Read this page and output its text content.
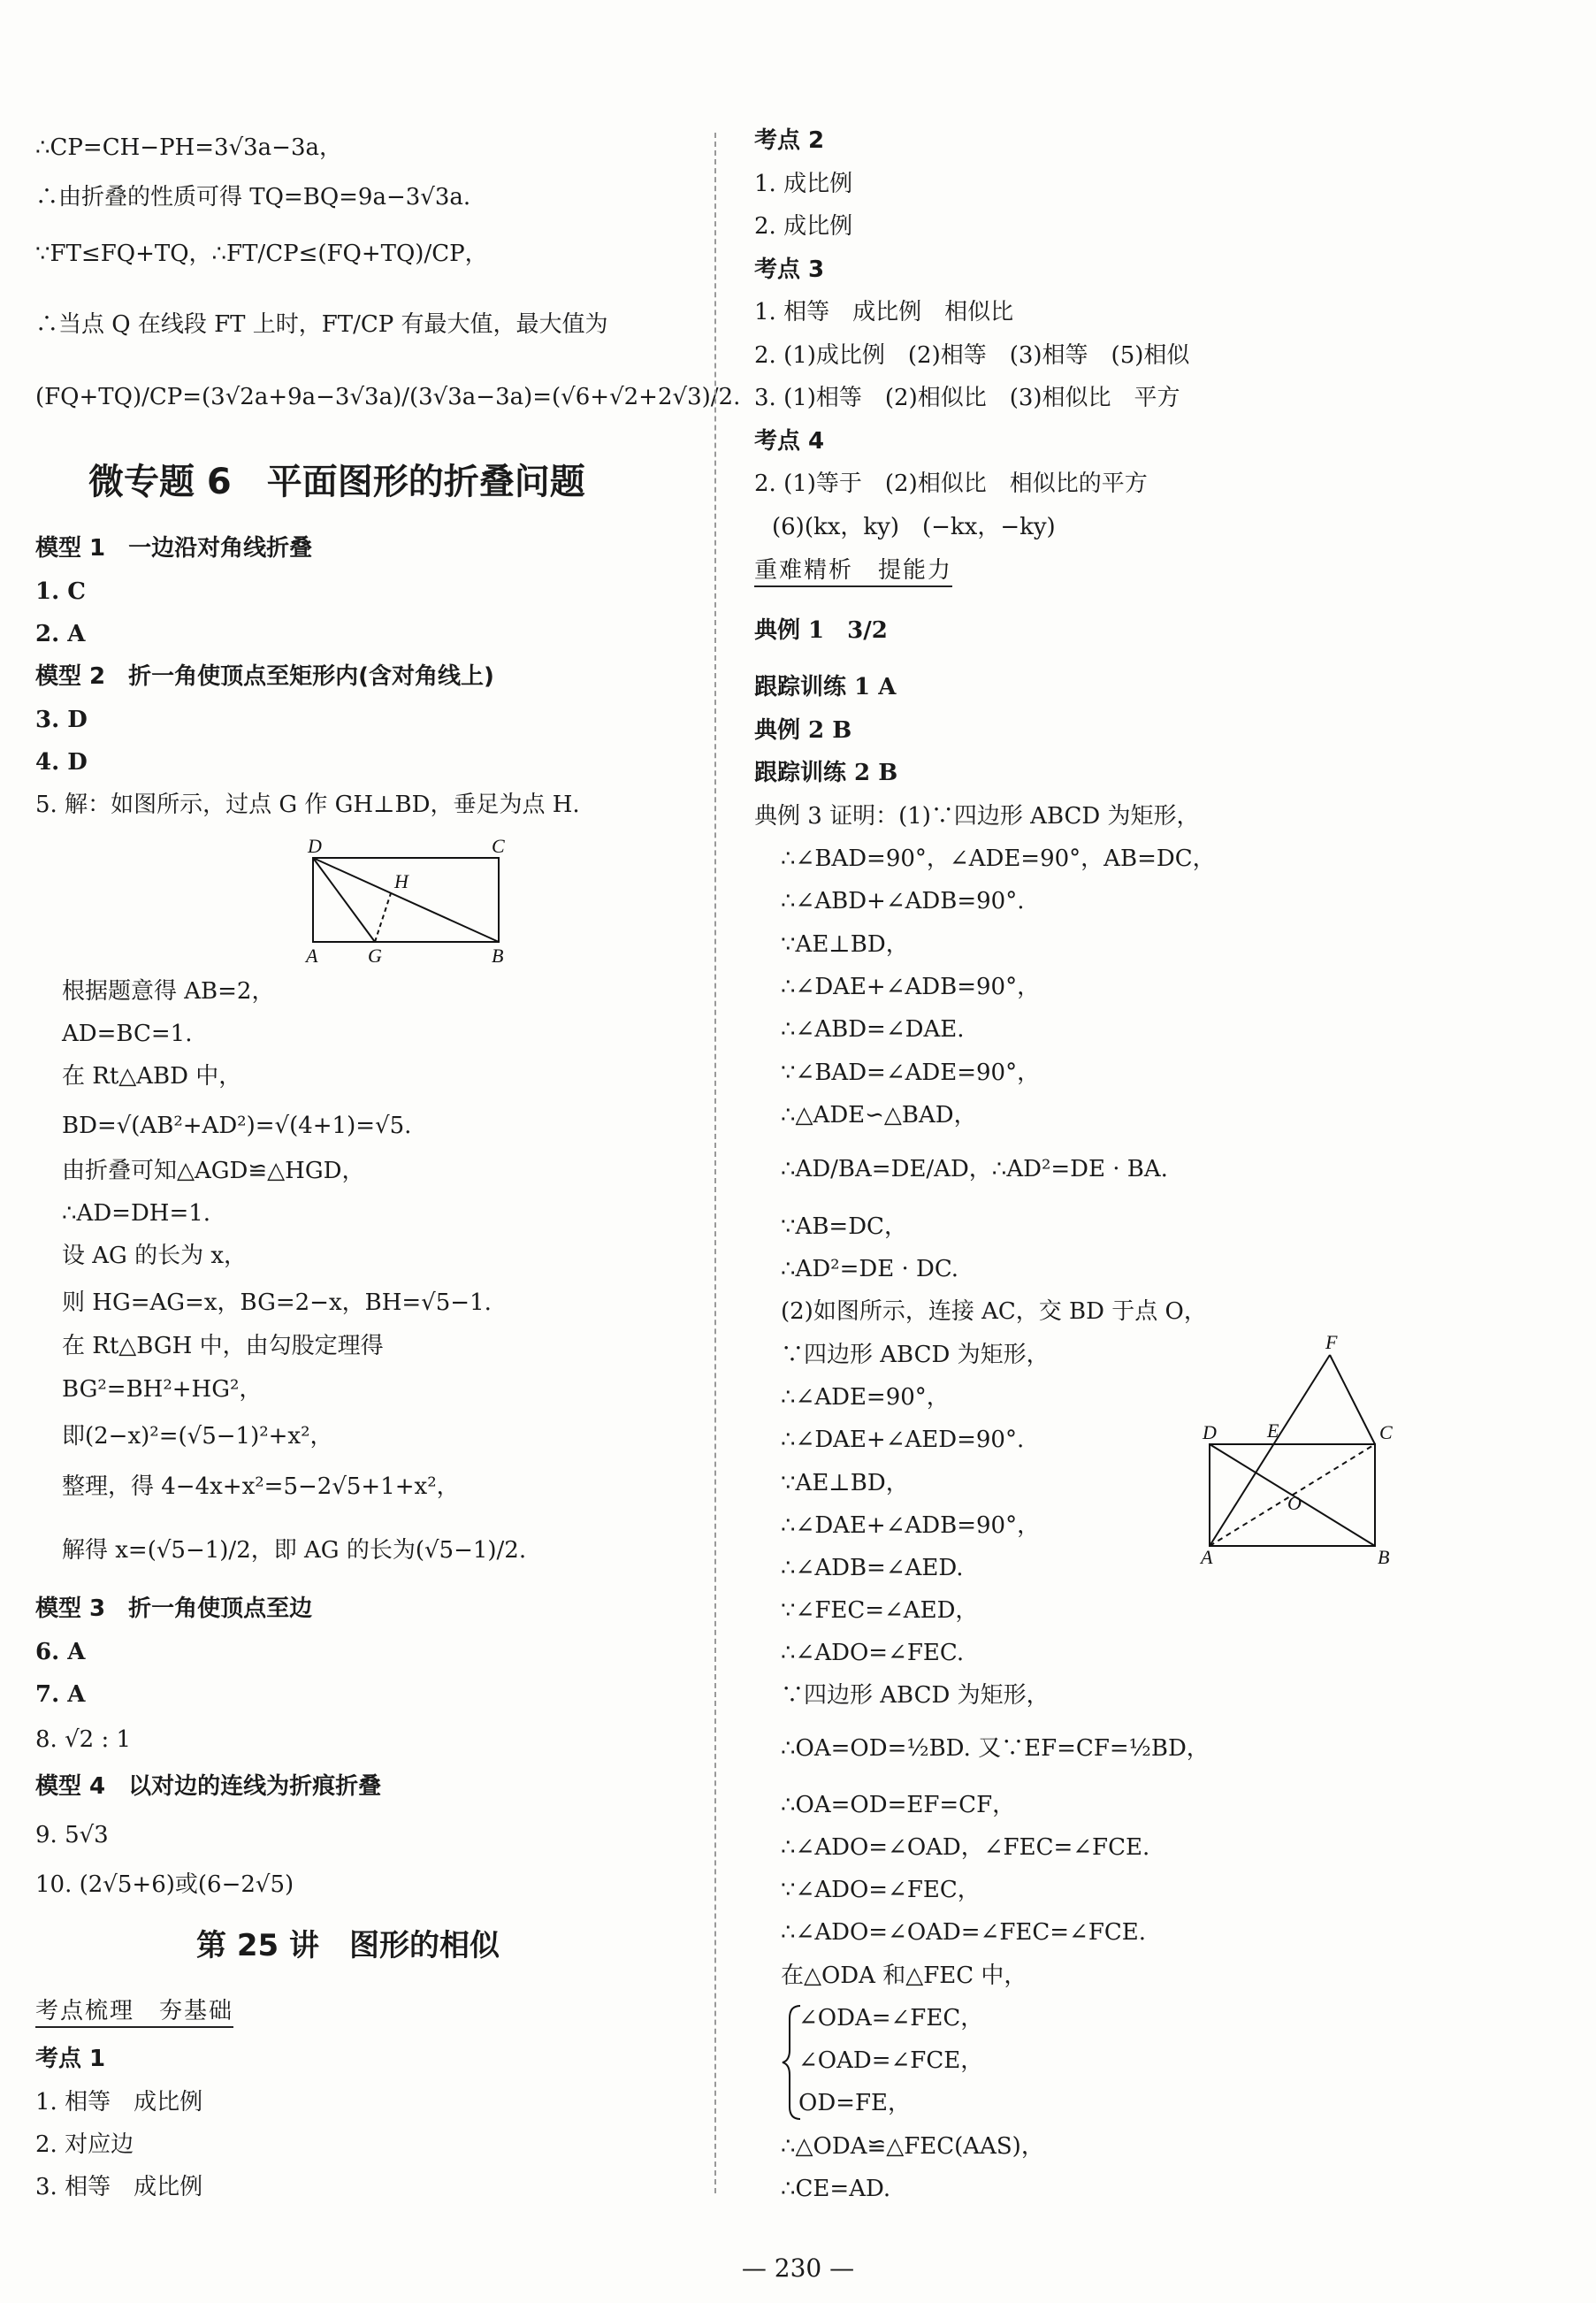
∴CP=CH−PH=3√3a−3a，
∴由折叠的性质可得 TQ=BQ=9a−3√3a.
∵FT≤FQ+TQ，∴FT/CP≤(FQ+TQ)/CP，
∴当点 Q 在线段 FT 上时，FT/CP 有最大值，最大值为
(FQ+TQ)/CP=(3√2a+9a−3√3a)/(3√3a−3a)=(√6+√2+2√3)/2.
微专题 6　平面图形的折叠问题
模型 1　一边沿对角线折叠
1. C
2. A
模型 2　折一角使顶点至矩形内(含对角线上)
3. D
4. D
5. 解：如图所示，过点 G 作 GH⊥BD，垂足为点 H.
D	C
H
A	G	B
根据题意得 AB=2，
AD=BC=1.
在 Rt△ABD 中，
BD=√(AB²+AD²)=√(4+1)=√5.
由折叠可知△AGD≌△HGD，
∴AD=DH=1.
设 AG 的长为 x，
则 HG=AG=x，BG=2−x，BH=√5−1.
在 Rt△BGH 中，由勾股定理得
BG²=BH²+HG²，
即(2−x)²=(√5−1)²+x²，
整理，得 4−4x+x²=5−2√5+1+x²，
解得 x=(√5−1)/2，即 AG 的长为(√5−1)/2.
模型 3　折一角使顶点至边
6. A
7. A
8. √2 : 1
模型 4　以对边的连线为折痕折叠
9. 5√3
10. (2√5+6)或(6−2√5)
第 25 讲　图形的相似
考点梳理　夯基础
考点 1
1. 相等　成比例
2. 对应边
3. 相等　成比例
考点 2
1. 成比例
2. 成比例
考点 3
1. 相等　成比例　相似比
2. (1)成比例　(2)相等　(3)相等　(5)相似
3. (1)相等　(2)相似比　(3)相似比　平方
考点 4
2. (1)等于　(2)相似比　相似比的平方
(6)(kx，ky)　(−kx，−ky)
重难精析　提能力
典例 1　3/2
跟踪训练 1 A
典例 2 B
跟踪训练 2 B
典例 3 证明：(1)∵四边形 ABCD 为矩形，
∴∠BAD=90°，∠ADE=90°，AB=DC，
∴∠ABD+∠ADB=90°.
∵AE⊥BD，
∴∠DAE+∠ADB=90°，
∴∠ABD=∠DAE.
∵∠BAD=∠ADE=90°，
∴△ADE∽△BAD，
∴AD/BA=DE/AD，∴AD²=DE · BA.
∵AB=DC，
∴AD²=DE · DC.
(2)如图所示，连接 AC，交 BD 于点 O，
∵四边形 ABCD 为矩形，
∴∠ADE=90°，
∴∠DAE+∠AED=90°.
∵AE⊥BD，
∴∠DAE+∠ADB=90°，
∴∠ADB=∠AED.
∵∠FEC=∠AED，
∴∠ADO=∠FEC.
∵四边形 ABCD 为矩形，
∴OA=OD=½BD. 又∵EF=CF=½BD，
∴OA=OD=EF=CF，
∴∠ADO=∠OAD，∠FEC=∠FCE.
∵∠ADO=∠FEC，
∴∠ADO=∠OAD=∠FEC=∠FCE.
在△ODA 和△FEC 中，
∠ODA=∠FEC，
∠OAD=∠FCE，
OD=FE，
∴△ODA≌△FEC(AAS)，
∴CE=AD.
F
D	E	C
O
A	B
— 230 —
